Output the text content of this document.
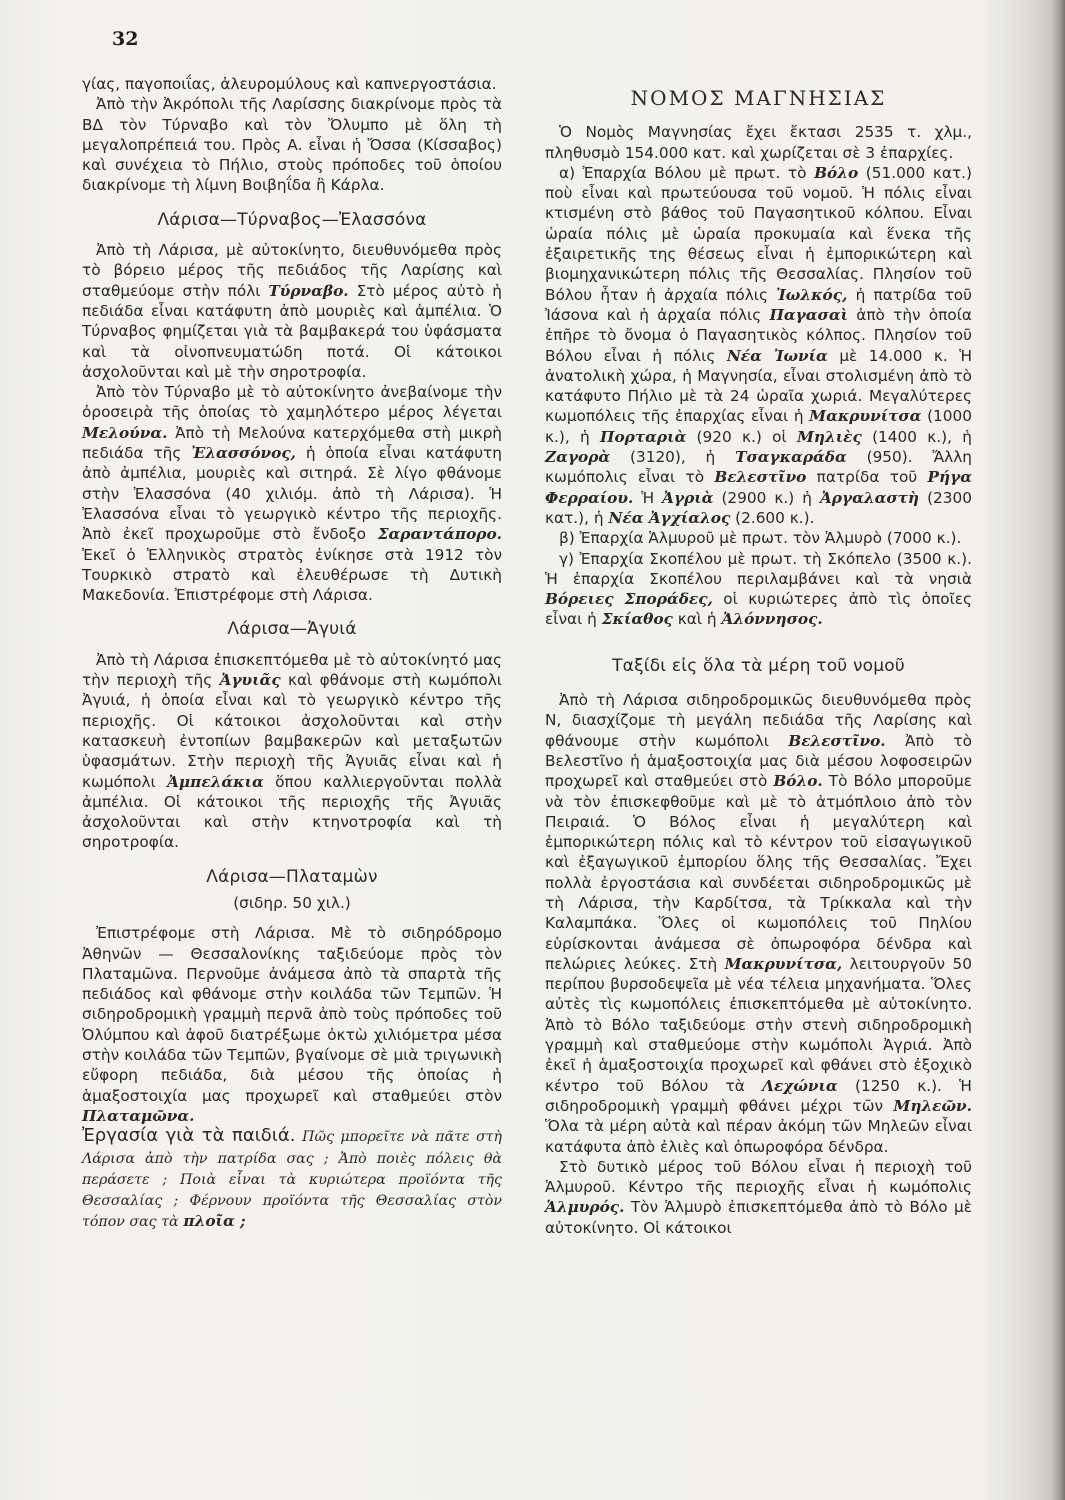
32

γίας, παγοποιΐας, ἀλευρομύλους καὶ καπνεργοστάσια.

Ἀπὸ τὴν Ἀκρόπολι τῆς Λαρίσσης διακρίνομε πρὸς τὰ ΒΔ τὸν Τύρναβο καὶ τὸν Ὄλυμπο μὲ ὅλη τὴ μεγαλοπρέπειά του. Πρὸς Α. εἶναι ἡ Ὄσσα (Κίσσαβος) καὶ συνέχεια τὸ Πήλιο, στοὺς πρόποδες τοῦ ὁποίου διακρίνομε τὴ λίμνη Βοιβηΐδα ἢ Κάρλα.

Λάρισα—Τύρναβος—Ἐλασσόνα

Ἀπὸ τὴ Λάρισα, μὲ αὐτοκίνητο, διευθυνόμεθα πρὸς τὸ βόρειο μέρος τῆς πεδιάδος τῆς Λαρίσης καὶ σταθμεύομε στὴν πόλι Τύρναβο. Στὸ μέρος αὐτὸ ἡ πεδιάδα εἶναι κατάφυτη ἀπὸ μουριὲς καὶ ἀμπέλια. Ὁ Τύρναβος φημίζεται γιὰ τὰ βαμβακερά του ὑφάσματα καὶ τὰ οἰνοπνευματώδη ποτά. Οἱ κάτοικοι ἀσχολοῦνται καὶ μὲ τὴν σηροτροφία.

Ἀπὸ τὸν Τύρναβο μὲ τὸ αὐτοκίνητο ἀνεβαίνομε τὴν ὀροσειρὰ τῆς ὁποίας τὸ χαμηλότερο μέρος λέγεται Μελούνα. Ἀπὸ τὴ Μελούνα κατερχόμεθα στὴ μικρὴ πεδιάδα τῆς Ἐλασσόνος, ἡ ὁποία εἶναι κατάφυτη ἀπὸ ἀμπέλια, μουριὲς καὶ σιτηρά. Σὲ λίγο φθάνομε στὴν Ἐλασσόνα (40 χιλιόμ. ἀπὸ τὴ Λάρισα). Ἡ Ἐλασσόνα εἶναι τὸ γεωργικὸ κέντρο τῆς περιοχῆς. Ἀπὸ ἐκεῖ προχωροῦμε στὸ ἔνδοξο Σαραντάπορο. Ἐκεῖ ὁ Ἑλληνικὸς στρατὸς ἐνίκησε στὰ 1912 τὸν Τουρκικὸ στρατὸ καὶ ἐλευθέρωσε τὴ Δυτικὴ Μακεδονία. Ἐπιστρέφομε στὴ Λάρισα.

Λάρισα—Ἀγυιά

Ἀπὸ τὴ Λάρισα ἐπισκεπτόμεθα μὲ τὸ αὐτοκίνητό μας τὴν περιοχὴ τῆς Ἀγυιᾶς καὶ φθάνομε στὴ κωμόπολι Ἀγυιά, ἡ ὁποία εἶναι καὶ τὸ γεωργικὸ κέντρο τῆς περιοχῆς. Οἱ κάτοικοι ἀσχολοῦνται καὶ στὴν κατασκευὴ ἐντοπίων βαμβακερῶν καὶ μεταξωτῶν ὑφασμάτων. Στὴν περιοχὴ τῆς Ἀγυιᾶς εἶναι καὶ ἡ κωμόπολι Ἀμπελάκια ὅπου καλλιεργοῦνται πολλὰ ἀμπέλια. Οἱ κάτοικοι τῆς περιοχῆς τῆς Ἀγυιᾶς ἀσχολοῦνται καὶ στὴν κτηνοτροφία καὶ τὴ σηροτροφία.

Λάρισα—Πλαταμὼν
(σιδηρ. 50 χιλ.)

Ἐπιστρέφομε στὴ Λάρισα. Μὲ τὸ σιδηρόδρομο Ἀθηνῶν — Θεσσαλονίκης ταξιδεύομε πρὸς τὸν Πλαταμῶνα. Περνοῦμε ἀνάμεσα ἀπὸ τὰ σπαρτὰ τῆς πεδιάδος καὶ φθάνομε στὴν κοιλάδα τῶν Τεμπῶν. Ἡ σιδηροδρομικὴ γραμμὴ περνᾶ ἀπὸ τοὺς πρόποδες τοῦ Ὀλύμπου καὶ ἀφοῦ διατρέξωμε ὀκτὼ χιλιόμετρα μέσα στὴν κοιλάδα τῶν Τεμπῶν, βγαίνομε σὲ μιὰ τριγωνικὴ εὔφορη πεδιάδα, διὰ μέσου τῆς ὁποίας ἡ ἁμαξοστοιχία μας προχωρεῖ καὶ σταθμεύει στὸν Πλαταμῶνα.

Ἐργασία γιὰ τὰ παιδιά. Πῶς μπορεῖτε νὰ πᾶτε στὴ Λάρισα ἀπὸ τὴν πατρίδα σας ; Ἀπὸ ποιὲς πόλεις θὰ περάσετε ; Ποιὰ εἶναι τὰ κυριώτερα προϊόντα τῆς Θεσσαλίας ; Φέρνουν προϊόντα τῆς Θεσσαλίας στὸν τόπον σας τὰ πλοῖα ;

ΝΟΜΟΣ ΜΑΓΝΗΣΙΑΣ

Ὁ Νομὸς Μαγνησίας ἔχει ἔκτασι 2535 τ. χλμ., πληθυσμὸ 154.000 κατ. καὶ χωρίζεται σὲ 3 ἐπαρχίες.

α) Ἐπαρχία Βόλου μὲ πρωτ. τὸ Βόλο (51.000 κατ.) ποὺ εἶναι καὶ πρωτεύουσα τοῦ νομοῦ. Ἡ πόλις εἶναι κτισμένη στὸ βάθος τοῦ Παγασητικοῦ κόλπου. Εἶναι ὡραία πόλις μὲ ὡραία προκυμαία καὶ ἕνεκα τῆς ἐξαιρετικῆς της θέσεως εἶναι ἡ ἐμπορικώτερη καὶ βιομηχανικώτερη πόλις τῆς Θεσσαλίας. Πλησίον τοῦ Βόλου ἦταν ἡ ἀρχαία πόλις Ἰωλκός, ἡ πατρίδα τοῦ Ἰάσονα καὶ ἡ ἀρχαία πόλις Παγασαὶ ἀπὸ τὴν ὁποία ἐπῆρε τὸ ὄνομα ὁ Παγασητικὸς κόλπος. Πλησίον τοῦ Βόλου εἶναι ἡ πόλις Νέα Ἰωνία μὲ 14.000 κ. Ἡ ἀνατολικὴ χώρα, ἡ Μαγνησία, εἶναι στολισμένη ἀπὸ τὸ κατάφυτο Πήλιο μὲ τὰ 24 ὡραῖα χωριά. Μεγαλύτερες κωμοπόλεις τῆς ἐπαρχίας εἶναι ἡ Μακρυνίτσα (1000 κ.), ἡ Πορταριὰ (920 κ.) οἱ Μηλιὲς (1400 κ.), ἡ Ζαγορὰ (3120), ἡ Τσαγκαράδα (950). Ἄλλη κωμόπολις εἶναι τὸ Βελεστῖνο πατρίδα τοῦ Ρήγα Φερραίου. Ἡ Ἀγριὰ (2900 κ.) ἡ Ἀργαλαστὴ (2300 κατ.), ἡ Νέα Ἀγχίαλος (2.600 κ.).

β) Ἐπαρχία Ἁλμυροῦ μὲ πρωτ. τὸν Ἁλμυρὸ (7000 κ.).

γ) Ἐπαρχία Σκοπέλου μὲ πρωτ. τὴ Σκόπελο (3500 κ.). Ἡ ἐπαρχία Σκοπέλου περιλαμβάνει καὶ τὰ νησιὰ Βόρειες Σποράδες, οἱ κυριώτερες ἀπὸ τὶς ὁποῖες εἶναι ἡ Σκίαθος καὶ ἡ Ἀλόννησος.

Ταξίδι εἰς ὅλα τὰ μέρη τοῦ νομοῦ

Ἀπὸ τὴ Λάρισα σιδηροδρομικῶς διευθυνόμεθα πρὸς Ν, διασχίζομε τὴ μεγάλη πεδιάδα τῆς Λαρίσης καὶ φθάνουμε στὴν κωμόπολι Βελεστῖνο. Ἀπὸ τὸ Βελεστῖνο ἡ ἁμαξοστοιχία μας διὰ μέσου λοφοσειρῶν προχωρεῖ καὶ σταθμεύει στὸ Βόλο. Τὸ Βόλο μποροῦμε νὰ τὸν ἐπισκεφθοῦμε καὶ μὲ τὸ ἀτμόπλοιο ἀπὸ τὸν Πειραιά. Ὁ Βόλος εἶναι ἡ μεγαλύτερη καὶ ἐμπορικώτερη πόλις καὶ τὸ κέντρον τοῦ εἰσαγωγικοῦ καὶ ἐξαγωγικοῦ ἐμπορίου ὅλης τῆς Θεσσαλίας. Ἔχει πολλὰ ἐργοστάσια καὶ συνδέεται σιδηροδρομικῶς μὲ τὴ Λάρισα, τὴν Καρδίτσα, τὰ Τρίκκαλα καὶ τὴν Καλαμπάκα. Ὅλες οἱ κωμοπόλεις τοῦ Πηλίου εὑρίσκονται ἀνάμεσα σὲ ὀπωροφόρα δένδρα καὶ πελώριες λεύκες. Στὴ Μακρυνίτσα, λειτουργοῦν 50 περίπου βυρσοδεψεῖα μὲ νέα τέλεια μηχανήματα. Ὅλες αὐτὲς τὶς κωμοπόλεις ἐπισκεπτόμεθα μὲ αὐτοκίνητο. Ἀπὸ τὸ Βόλο ταξιδεύομε στὴν στενὴ σιδηροδρομικὴ γραμμὴ καὶ σταθμεύομε στὴν κωμόπολι Ἀγριά. Ἀπὸ ἐκεῖ ἡ ἁμαξοστοιχία προχωρεῖ καὶ φθάνει στὸ ἐξοχικὸ κέντρο τοῦ Βόλου τὰ Λεχώνια (1250 κ.). Ἡ σιδηροδρομικὴ γραμμὴ φθάνει μέχρι τῶν Μηλεῶν. Ὅλα τὰ μέρη αὐτὰ καὶ πέραν ἀκόμη τῶν Μηλεῶν εἶναι κατάφυτα ἀπὸ ἐλιὲς καὶ ὀπωροφόρα δένδρα.

Στὸ δυτικὸ μέρος τοῦ Βόλου εἶναι ἡ περιοχὴ τοῦ Ἁλμυροῦ. Κέντρο τῆς περιοχῆς εἶναι ἡ κωμόπολις Ἁλμυρός. Τὸν Ἁλμυρὸ ἐπισκεπτόμεθα ἀπὸ τὸ Βόλο μὲ αὐτοκίνητο. Οἱ κάτοικοι
